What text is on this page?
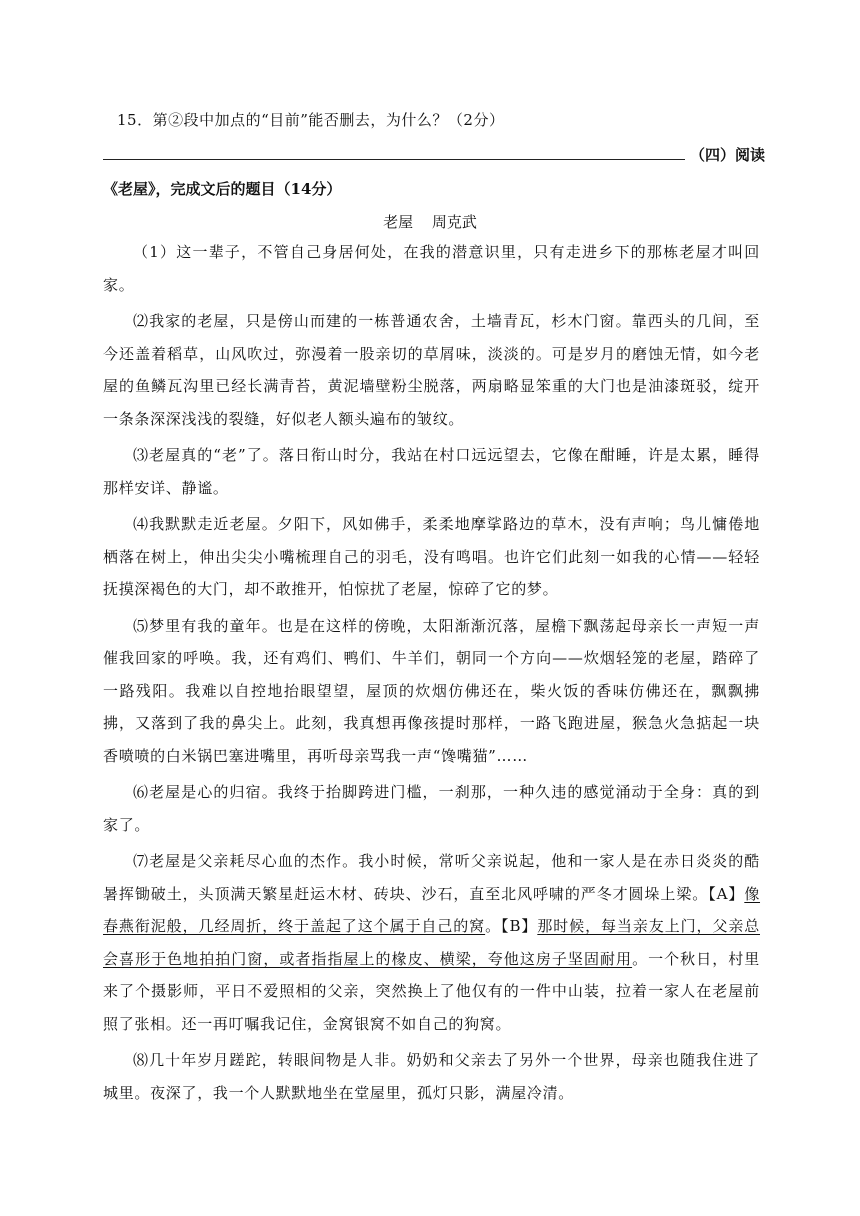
15．第②段中加点的“目前”能否删去，为什么？（2分）
（四）阅读
《老屋》，完成文后的题目（14分）
老屋 周克武

（1）这一辈子，不管自己身居何处，在我的潜意识里，只有走进乡下的那栋老屋才叫回家。

⑵我家的老屋，只是傍山而建的一栋普通农舍，土墙青瓦，杉木门窗。靠西头的几间，至今还盖着稻草，山风吹过，弥漫着一股亲切的草屑味，淡淡的。可是岁月的磨蚀无情，如今老屋的鱼鳞瓦沟里已经长满青苔，黄泥墙壁粉尘脱落，两扇略显笨重的大门也是油漆斑驳，绽开一条条深深浅浅的裂缝，好似老人额头遍布的皱纹。

⑶老屋真的“老”了。落日衔山时分，我站在村口远远望去，它像在酣睡，许是太累，睡得那样安详、静谧。

⑷我默默走近老屋。夕阳下，风如佛手，柔柔地摩挲路边的草木，没有声响；鸟儿慵倦地栖落在树上，伸出尖尖小嘴梳理自己的羽毛，没有鸣唱。也许它们此刻一如我的心情——轻轻抚摸深褐色的大门，却不敢推开，怕惊扰了老屋，惊碎了它的梦。

⑸梦里有我的童年。也是在这样的傍晚，太阳渐渐沉落，屋檐下飘荡起母亲长一声短一声催我回家的呼唤。我，还有鸡们、鸭们、牛羊们，朝同一个方向——炊烟轻笼的老屋，踏碎了一路残阳。我难以自控地抬眼望望，屋顶的炊烟仿佛还在，柴火饭的香味仿佛还在，飘飘拂拂，又落到了我的鼻尖上。此刻，我真想再像孩提时那样，一路飞跑进屋，猴急火急掂起一块香喷喷的白米锅巴塞进嘴里，再听母亲骂我一声“馋嘴猫”……

⑹老屋是心的归宿。我终于抬脚跨进门槛，一刹那，一种久违的感觉涌动于全身：真的到家了。

⑺老屋是父亲耗尽心血的杰作。我小时候，常听父亲说起，他和一家人是在赤日炎炎的酷暑挥锄破土，头顶满天繁星赶运木材、砖块、沙石，直至北风呼啸的严冬才圆垛上梁。【A】像春燕衔泥般，几经周折，终于盖起了这个属于自己的窝。【B】那时候，每当亲友上门，父亲总会喜形于色地拍拍门窗，或者指指屋上的椽皮、横梁，夸他这房子坚固耐用。一个秋日，村里来了个摄影师，平日不爱照相的父亲，突然换上了他仅有的一件中山装，拉着一家人在老屋前照了张相。还一再叮嘱我记住，金窝银窝不如自己的狗窝。

⑻几十年岁月蹉跎，转眼间物是人非。奶奶和父亲去了另外一个世界，母亲也随我住进了城里。夜深了，我一个人默默地坐在堂屋里，孤灯只影，满屋冷清。
